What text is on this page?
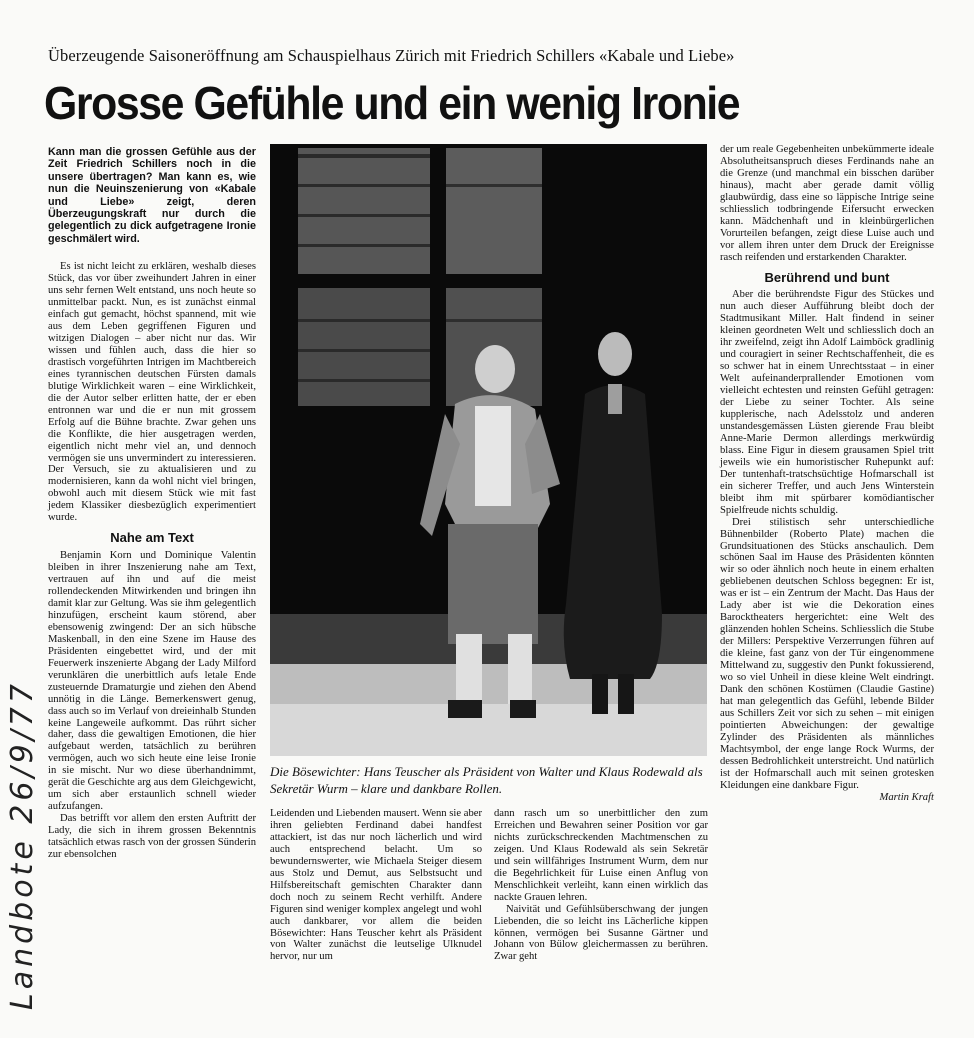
Überzeugende Saisoneröffnung am Schauspielhaus Zürich mit Friedrich Schillers «Kabale und Liebe»
Grosse Gefühle und ein wenig Ironie

Kann man die grossen Gefühle aus der Zeit Friedrich Schillers noch in die unsere übertragen? Man kann es, wie nun die Neuinszenierung von «Kabale und Liebe» zeigt, deren Überzeugungskraft nur durch die gelegentlich zu dick aufgetragene Ironie geschmälert wird.

Es ist nicht leicht zu erklären, weshalb dieses Stück, das vor über zweihundert Jahren in einer uns sehr fernen Welt entstand, uns noch heute so unmittelbar packt. Nun, es ist zunächst einmal einfach gut gemacht, höchst spannend, mit wie aus dem Leben gegriffenen Figuren und witzigen Dialogen – aber nicht nur das. Wir wissen und fühlen auch, dass die hier so drastisch vorgeführten Intrigen im Machtbereich eines tyrannischen deutschen Fürsten damals blutige Wirklichkeit waren – eine Wirklichkeit, die der Autor selber erlitten hatte, der er eben entronnen war und die er nun mit grossem Erfolg auf die Bühne brachte. Zwar gehen uns die Konflikte, die hier ausgetragen werden, eigentlich nicht mehr viel an, und dennoch vermögen sie uns unvermindert zu interessieren. Der Versuch, sie zu aktualisieren und zu modernisieren, kann da wohl nicht viel bringen, obwohl auch mit diesem Stück wie mit fast jedem Klassiker diesbezüglich experimentiert wurde.

Nahe am Text

Benjamin Korn und Dominique Valentin bleiben in ihrer Inszenierung nahe am Text, vertrauen auf ihn und auf die meist rollendeckenden Mitwirkenden und bringen ihn damit klar zur Geltung. Was sie ihm gelegentlich hinzufügen, erscheint kaum störend, aber ebensowenig zwingend: Der an sich hübsche Maskenball, in den eine Szene im Hause des Präsidenten eingebettet wird, und der mit Feuerwerk inszenierte Abgang der Lady Milford verunklären die unerbittlich aufs letale Ende zusteuernde Dramaturgie und ziehen den Abend unnötig in die Länge. Bemerkenswert genug, dass auch so im Verlauf von dreieinhalb Stunden keine Langeweile aufkommt. Das rührt sicher daher, dass die gewaltigen Emotionen, die hier aufgebaut werden, tatsächlich zu berühren vermögen, auch wo sich heute eine leise Ironie in sie mischt. Nur wo diese überhandnimmt, gerät die Geschichte arg aus dem Gleichgewicht, um sich aber erstaunlich schnell wieder aufzufangen.

Das betrifft vor allem den ersten Auftritt der Lady, die sich in ihrem grossen Bekenntnis tatsächlich etwas rasch von der grossen Sünderin zur ebensolchen

Die Bösewichter: Hans Teuscher als Präsident von Walter und Klaus Rodewald als Sekretär Wurm – klare und dankbare Rollen.

Leidenden und Liebenden mausert. Wenn sie aber ihren geliebten Ferdinand dabei handfest attackiert, ist das nur noch lächerlich und wird auch entsprechend belacht. Um so bewundernswerter, wie Michaela Steiger diesem aus Stolz und Demut, aus Selbstsucht und Hilfsbereitschaft gemischten Charakter dann doch noch zu seinem Recht verhilft. Andere Figuren sind weniger komplex angelegt und wohl auch dankbarer, vor allem die beiden Bösewichter: Hans Teuscher kehrt als Präsident von Walter zunächst die leutselige Ulknudel hervor, nur um

dann rasch um so unerbittlicher den zum Erreichen und Bewahren seiner Position vor gar nichts zurückschreckenden Machtmenschen zu zeigen. Und Klaus Rodewald als sein Sekretär und sein willfähriges Instrument Wurm, dem nur die Begehrlichkeit für Luise einen Anflug von Menschlichkeit verleiht, kann einen wirklich das nackte Grauen lehren.

Naivität und Gefühlsüberschwang der jungen Liebenden, die so leicht ins Lächerliche kippen können, vermögen bei Susanne Gärtner und Johann von Bülow gleichermassen zu berühren. Zwar geht

der um reale Gegebenheiten unbekümmerte ideale Absolutheitsanspruch dieses Ferdinands nahe an die Grenze (und manchmal ein bisschen darüber hinaus), macht aber gerade damit völlig glaubwürdig, dass eine so läppische Intrige seine schliesslich todbringende Eifersucht erwecken kann. Mädchenhaft und in kleinbürgerlichen Vorurteilen befangen, zeigt diese Luise auch und vor allem ihren unter dem Druck der Ereignisse rasch reifenden und erstarkenden Charakter.

Berührend und bunt

Aber die berührendste Figur des Stückes und nun auch dieser Aufführung bleibt doch der Stadtmusikant Miller. Halt findend in seiner kleinen geordneten Welt und schliesslich doch an ihr zweifelnd, zeigt ihn Adolf Laimböck gradlinig und couragiert in seiner Rechtschaffenheit, die es so schwer hat in einem Unrechtsstaat – in einer Welt aufeinanderprallender Emotionen vom vielleicht echtesten und reinsten Gefühl getragen: der Liebe zu seiner Tochter. Als seine kupplerische, nach Adelsstolz und anderen unstandesgemässen Lüsten gierende Frau bleibt Anne-Marie Dermon allerdings merkwürdig blass. Eine Figur in diesem grausamen Spiel tritt jeweils wie ein humoristischer Ruhepunkt auf: Der tuntenhaft-tratschsüchtige Hofmarschall ist ein sicherer Treffer, und auch Jens Winterstein bleibt ihm mit spürbarer komödiantischer Spielfreude nichts schuldig.

Drei stilistisch sehr unterschiedliche Bühnenbilder (Roberto Plate) machen die Grundsituationen des Stücks anschaulich. Dem schönen Saal im Hause des Präsidenten könnten wir so oder ähnlich noch heute in einem erhalten gebliebenen deutschen Schloss begegnen: Er ist, was er ist – ein Zentrum der Macht. Das Haus der Lady aber ist wie die Dekoration eines Barocktheaters hergerichtet: eine Welt des glänzenden hohlen Scheins. Schliesslich die Stube der Millers: Perspektive Verzerrungen führen auf die kleine, fast ganz von der Tür eingenommene Mittelwand zu, suggestiv den Punkt fokussierend, wo so viel Unheil in diese kleine Welt eindringt. Dank den schönen Kostümen (Claudie Gastine) hat man gelegentlich das Gefühl, lebende Bilder aus Schillers Zeit vor sich zu sehen – mit einigen pointierten Abweichungen: der gewaltige Zylinder des Präsidenten als männliches Machtsymbol, der enge lange Rock Wurms, der dessen Bedrohlichkeit unterstreicht. Und natürlich ist der Hofmarschall auch mit seinen grotesken Kleidungen eine dankbare Figur.

Martin Kraft
Landbote 26/9/77
